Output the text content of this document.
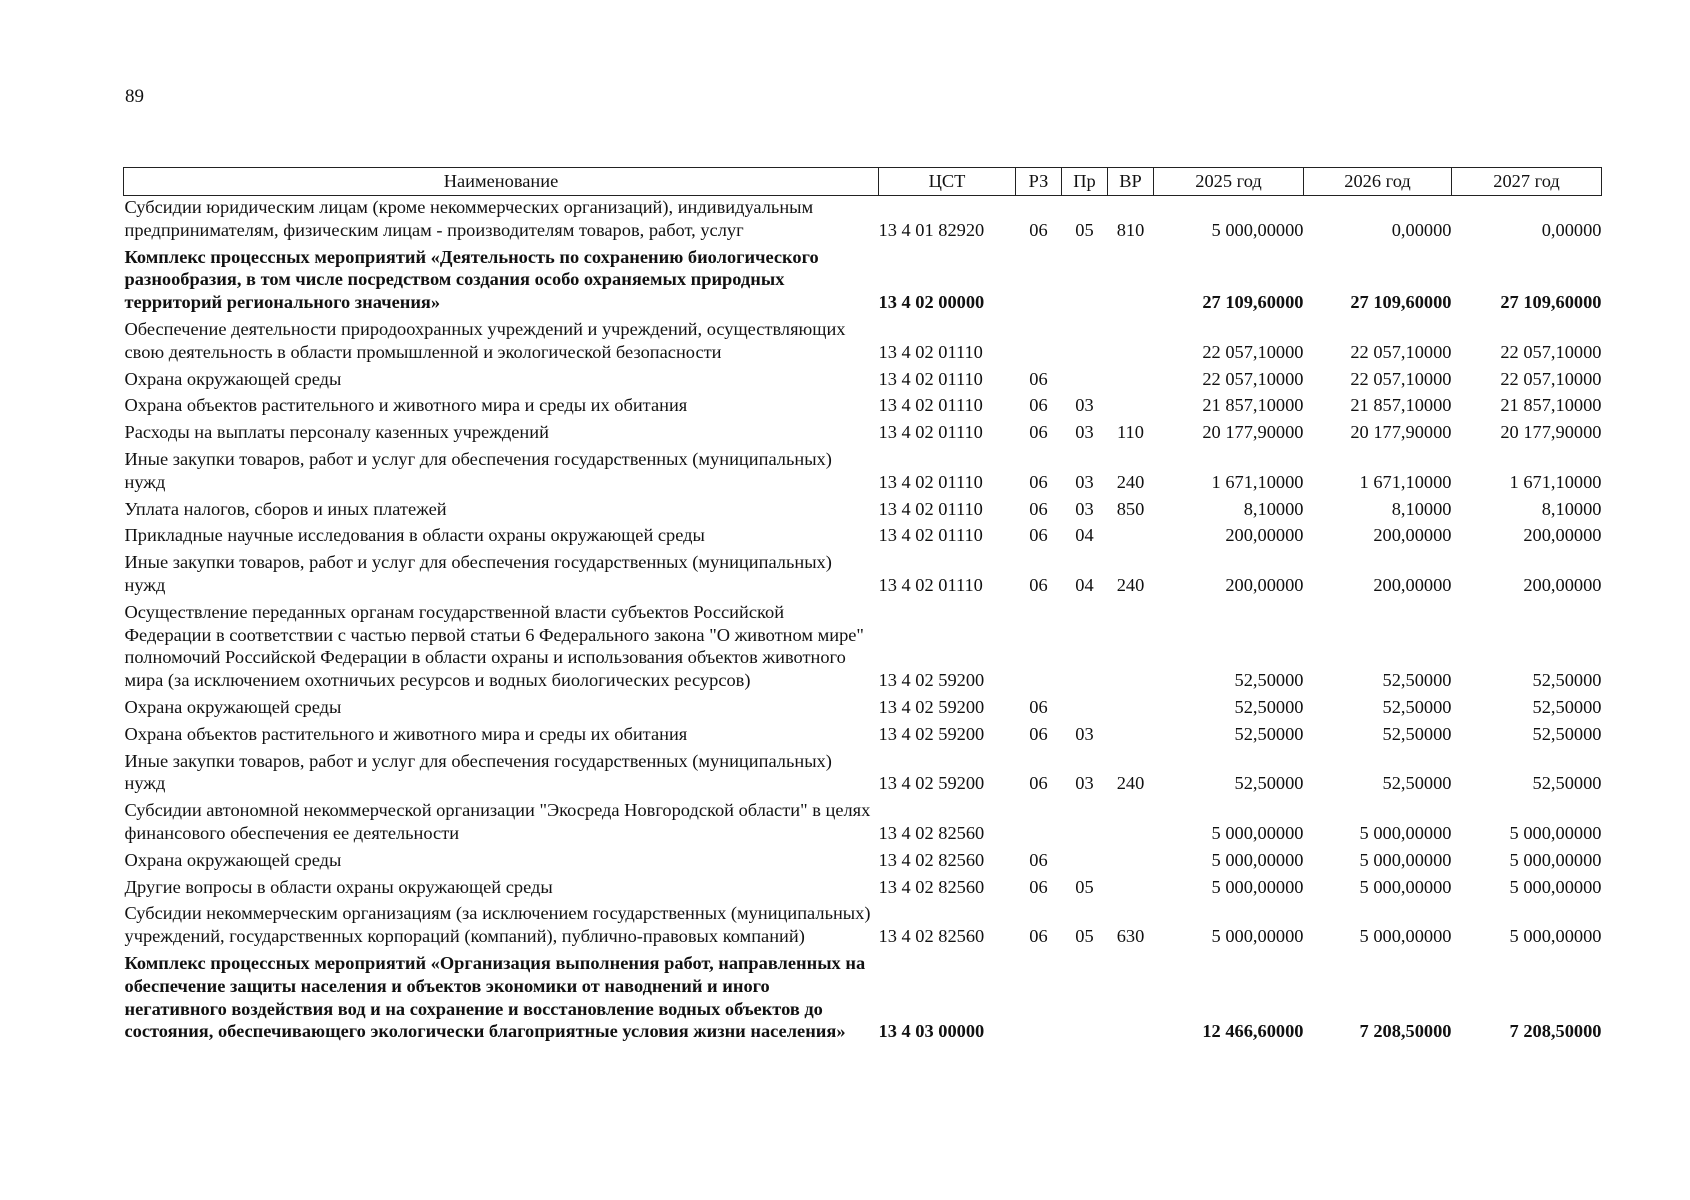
89
Наименование	ЦСТ	РЗ	Пр	ВР	2025 год	2026 год	2027 год
Субсидии юридическим лицам (кроме некоммерческих организаций), индивидуальным предпринимателям, физическим лицам - производителям товаров, работ, услуг	13 4 01 82920	06	05	810	5 000,00000	0,00000	0,00000
Комплекс процессных мероприятий «Деятельность по сохранению биологического разнообразия, в том числе посредством создания особо охраняемых природных территорий регионального значения»	13 4 02 00000				27 109,60000	27 109,60000	27 109,60000
Обеспечение деятельности природоохранных учреждений и учреждений, осуществляющих свою деятельность в области промышленной и экологической безопасности	13 4 02 01110				22 057,10000	22 057,10000	22 057,10000
Охрана окружающей среды	13 4 02 01110	06			22 057,10000	22 057,10000	22 057,10000
Охрана объектов растительного и животного мира и среды их обитания	13 4 02 01110	06	03		21 857,10000	21 857,10000	21 857,10000
Расходы на выплаты персоналу казенных учреждений	13 4 02 01110	06	03	110	20 177,90000	20 177,90000	20 177,90000
Иные закупки товаров, работ и услуг для обеспечения государственных (муниципальных) нужд	13 4 02 01110	06	03	240	1 671,10000	1 671,10000	1 671,10000
Уплата налогов, сборов и иных платежей	13 4 02 01110	06	03	850	8,10000	8,10000	8,10000
Прикладные научные исследования в области охраны окружающей среды	13 4 02 01110	06	04		200,00000	200,00000	200,00000
Иные закупки товаров, работ и услуг для обеспечения государственных (муниципальных) нужд	13 4 02 01110	06	04	240	200,00000	200,00000	200,00000
Осуществление переданных органам государственной власти субъектов Российской Федерации в соответствии с частью первой статьи 6 Федерального закона "О животном мире" полномочий Российской Федерации в области охраны и использования объектов животного мира (за исключением охотничьих ресурсов и водных биологических ресурсов)	13 4 02 59200				52,50000	52,50000	52,50000
Охрана окружающей среды	13 4 02 59200	06			52,50000	52,50000	52,50000
Охрана объектов растительного и животного мира и среды их обитания	13 4 02 59200	06	03		52,50000	52,50000	52,50000
Иные закупки товаров, работ и услуг для обеспечения государственных (муниципальных) нужд	13 4 02 59200	06	03	240	52,50000	52,50000	52,50000
Субсидии автономной некоммерческой организации "Экосреда Новгородской области" в целях финансового обеспечения ее деятельности	13 4 02 82560				5 000,00000	5 000,00000	5 000,00000
Охрана окружающей среды	13 4 02 82560	06			5 000,00000	5 000,00000	5 000,00000
Другие вопросы в области охраны окружающей среды	13 4 02 82560	06	05		5 000,00000	5 000,00000	5 000,00000
Субсидии некоммерческим организациям (за исключением государственных (муниципальных) учреждений, государственных корпораций (компаний), публично-правовых компаний)	13 4 02 82560	06	05	630	5 000,00000	5 000,00000	5 000,00000
Комплекс процессных мероприятий «Организация выполнения работ, направленных на обеспечение защиты населения и объектов экономики от наводнений и иного негативного воздействия вод и на сохранение и восстановление водных объектов до состояния, обеспечивающего экологически благоприятные условия жизни населения»	13 4 03 00000				12 466,60000	7 208,50000	7 208,50000
